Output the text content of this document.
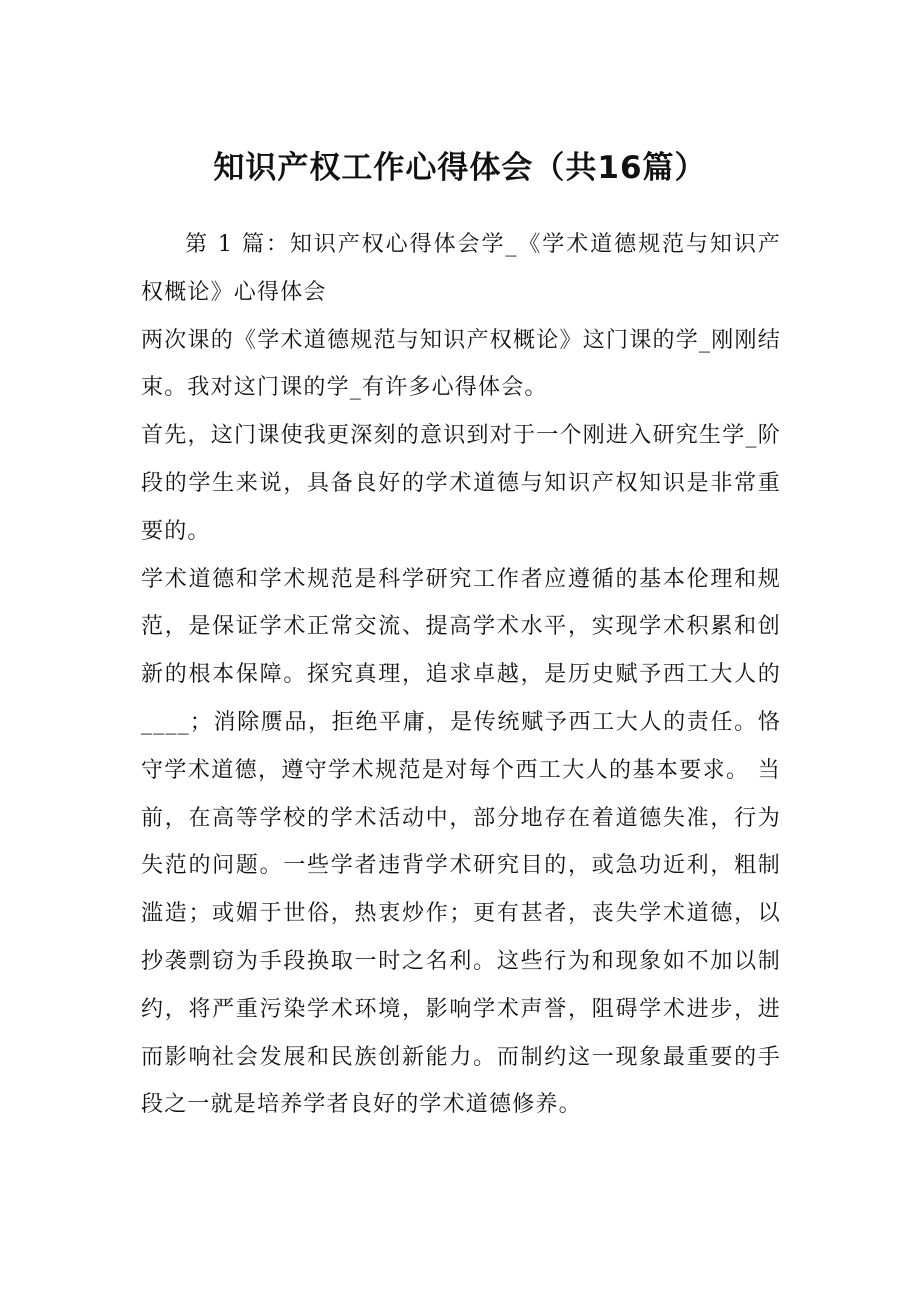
知识产权工作心得体会（共16篇）

第 1 篇：知识产权心得体会学_《学术道德规范与知识产权概论》心得体会

两次课的《学术道德规范与知识产权概论》这门课的学_刚刚结束。我对这门课的学_有许多心得体会。

首先，这门课使我更深刻的意识到对于一个刚进入研究生学_阶段的学生来说，具备良好的学术道德与知识产权知识是非常重要的。

学术道德和学术规范是科学研究工作者应遵循的基本伦理和规范，是保证学术正常交流、提高学术水平，实现学术积累和创新的根本保障。探究真理，追求卓越，是历史赋予西工大人的____；消除赝品，拒绝平庸，是传统赋予西工大人的责任。恪守学术道德，遵守学术规范是对每个西工大人的基本要求。 当前，在高等学校的学术活动中，部分地存在着道德失准，行为失范的问题。一些学者违背学术研究目的，或急功近利，粗制滥造；或媚于世俗，热衷炒作；更有甚者，丧失学术道德，以抄袭剽窃为手段换取一时之名利。这些行为和现象如不加以制约，将严重污染学术环境，影响学术声誉，阻碍学术进步，进而影响社会发展和民族创新能力。而制约这一现象最重要的手段之一就是培养学者良好的学术道德修养。
